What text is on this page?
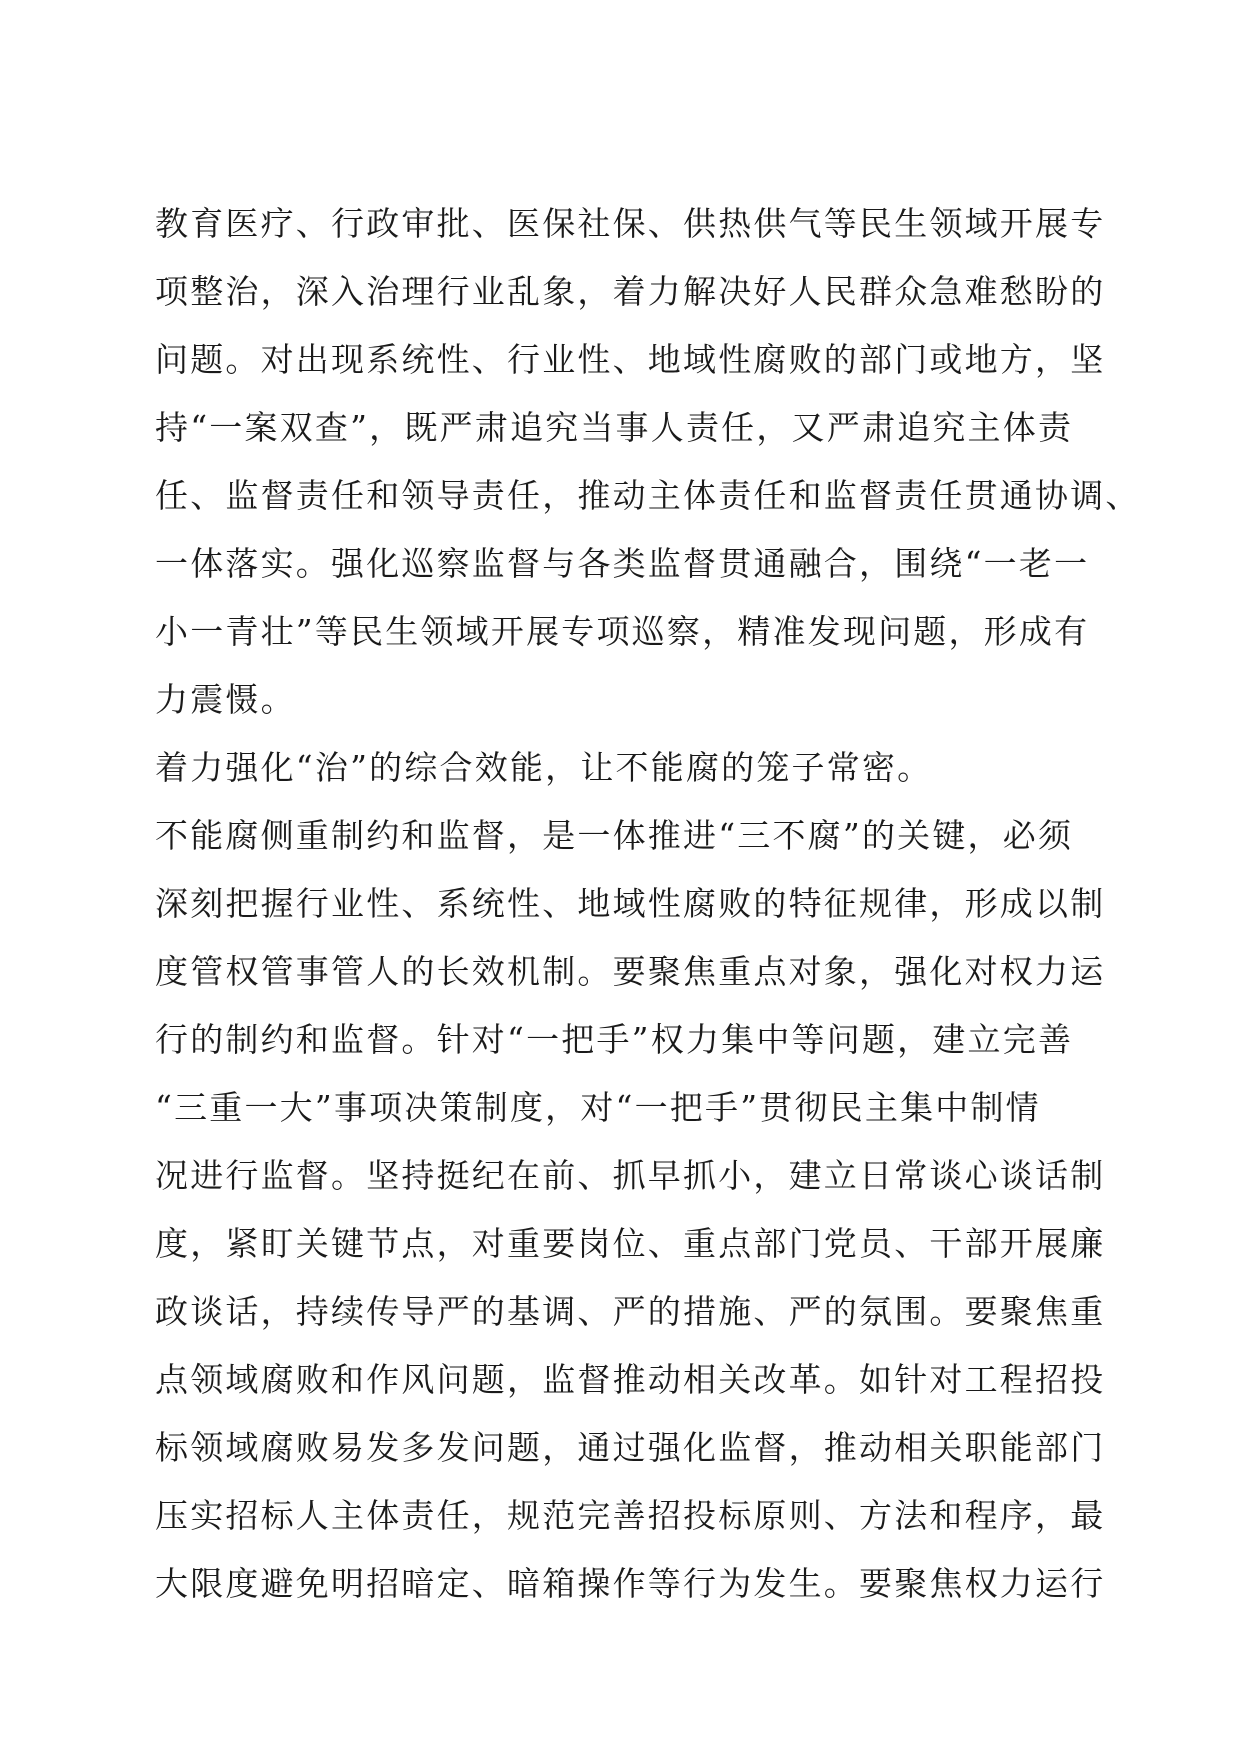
教育医疗、行政审批、医保社保、供热供气等民生领域开展专
项整治，深入治理行业乱象，着力解决好人民群众急难愁盼的
问题。对出现系统性、行业性、地域性腐败的部门或地方，坚
持“一案双查”，既严肃追究当事人责任，又严肃追究主体责
任、监督责任和领导责任，推动主体责任和监督责任贯通协调、
一体落实。强化巡察监督与各类监督贯通融合，围绕“一老一
小一青壮”等民生领域开展专项巡察，精准发现问题，形成有
力震慑。
着力强化“治”的综合效能，让不能腐的笼子常密。
不能腐侧重制约和监督，是一体推进“三不腐”的关键，必须
深刻把握行业性、系统性、地域性腐败的特征规律，形成以制
度管权管事管人的长效机制。要聚焦重点对象，强化对权力运
行的制约和监督。针对“一把手”权力集中等问题，建立完善
“三重一大”事项决策制度，对“一把手”贯彻民主集中制情
况进行监督。坚持挺纪在前、抓早抓小，建立日常谈心谈话制
度，紧盯关键节点，对重要岗位、重点部门党员、干部开展廉
政谈话，持续传导严的基调、严的措施、严的氛围。要聚焦重
点领域腐败和作风问题，监督推动相关改革。如针对工程招投
标领域腐败易发多发问题，通过强化监督，推动相关职能部门
压实招标人主体责任，规范完善招投标原则、方法和程序，最
大限度避免明招暗定、暗箱操作等行为发生。要聚焦权力运行
